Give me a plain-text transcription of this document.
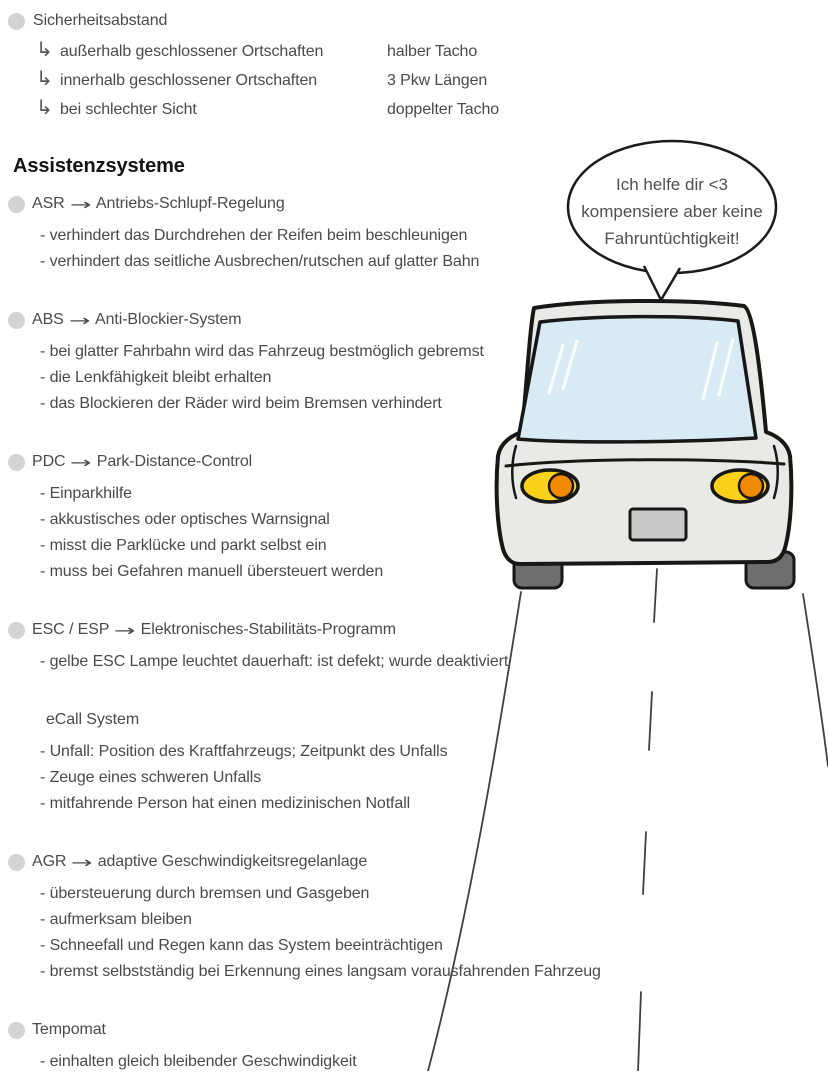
Ich helfe dir <3
kompensiere aber keine
Fahruntüchtigkeit!
Sicherheitsabstand
↳ außerhalb geschlossener Ortschaften	halber Tacho
↳ innerhalb geschlossener Ortschaften	3 Pkw Längen
↳ bei schlechter Sicht	doppelter Tacho
Assistenzsysteme
ASR → Antriebs-Schlupf-Regelung
- verhindert das Durchdrehen der Reifen beim beschleunigen
- verhindert das seitliche Ausbrechen/rutschen auf glatter Bahn
ABS → Anti-Blockier-System
- bei glatter Fahrbahn wird das Fahrzeug bestmöglich gebremst
- die Lenkfähigkeit bleibt erhalten
- das Blockieren der Räder wird beim Bremsen verhindert
PDC → Park-Distance-Control
- Einparkhilfe
- akkustisches oder optisches Warnsignal
- misst die Parklücke und parkt selbst ein
- muss bei Gefahren manuell übersteuert werden
ESC / ESP → Elektronisches-Stabilitäts-Programm
- gelbe ESC Lampe leuchtet dauerhaft: ist defekt; wurde deaktiviert
eCall System
- Unfall: Position des Kraftfahrzeugs; Zeitpunkt des Unfalls
- Zeuge eines schweren Unfalls
- mitfahrende Person hat einen medizinischen Notfall
AGR → adaptive Geschwindigkeitsregelanlage
- übersteuerung durch bremsen und Gasgeben
- aufmerksam bleiben
- Schneefall und Regen kann das System beeinträchtigen
- bremst selbstständig bei Erkennung eines langsam vorausfahrenden Fahrzeug
Tempomat
- einhalten gleich bleibender Geschwindigkeit
